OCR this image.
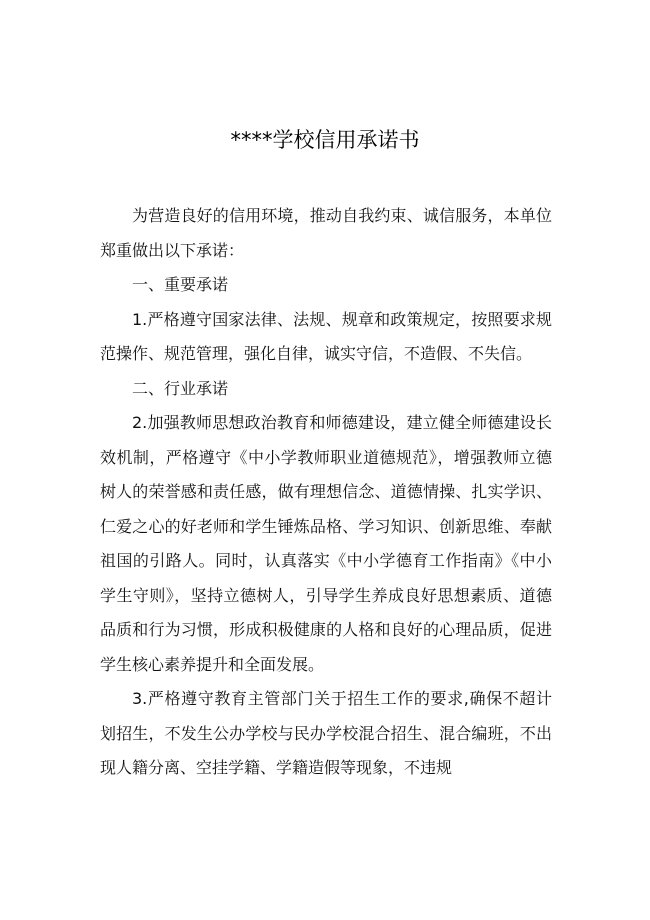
****学校信用承诺书

为营造良好的信用环境，推动自我约束、诚信服务，本单位郑重做出以下承诺：

一、重要承诺

1.严格遵守国家法律、法规、规章和政策规定，按照要求规范操作、规范管理，强化自律，诚实守信，不造假、不失信。

二、行业承诺

2.加强教师思想政治教育和师德建设，建立健全师德建设长效机制，严格遵守《中小学教师职业道德规范》，增强教师立德树人的荣誉感和责任感，做有理想信念、道德情操、扎实学识、仁爱之心的好老师和学生锤炼品格、学习知识、创新思维、奉献祖国的引路人。同时，认真落实《中小学德育工作指南》《中小学生守则》，坚持立德树人，引导学生养成良好思想素质、道德品质和行为习惯，形成积极健康的人格和良好的心理品质，促进学生核心素养提升和全面发展。

3.严格遵守教育主管部门关于招生工作的要求,确保不超计划招生，不发生公办学校与民办学校混合招生、混合编班，不出现人籍分离、空挂学籍、学籍造假等现象，不违规
